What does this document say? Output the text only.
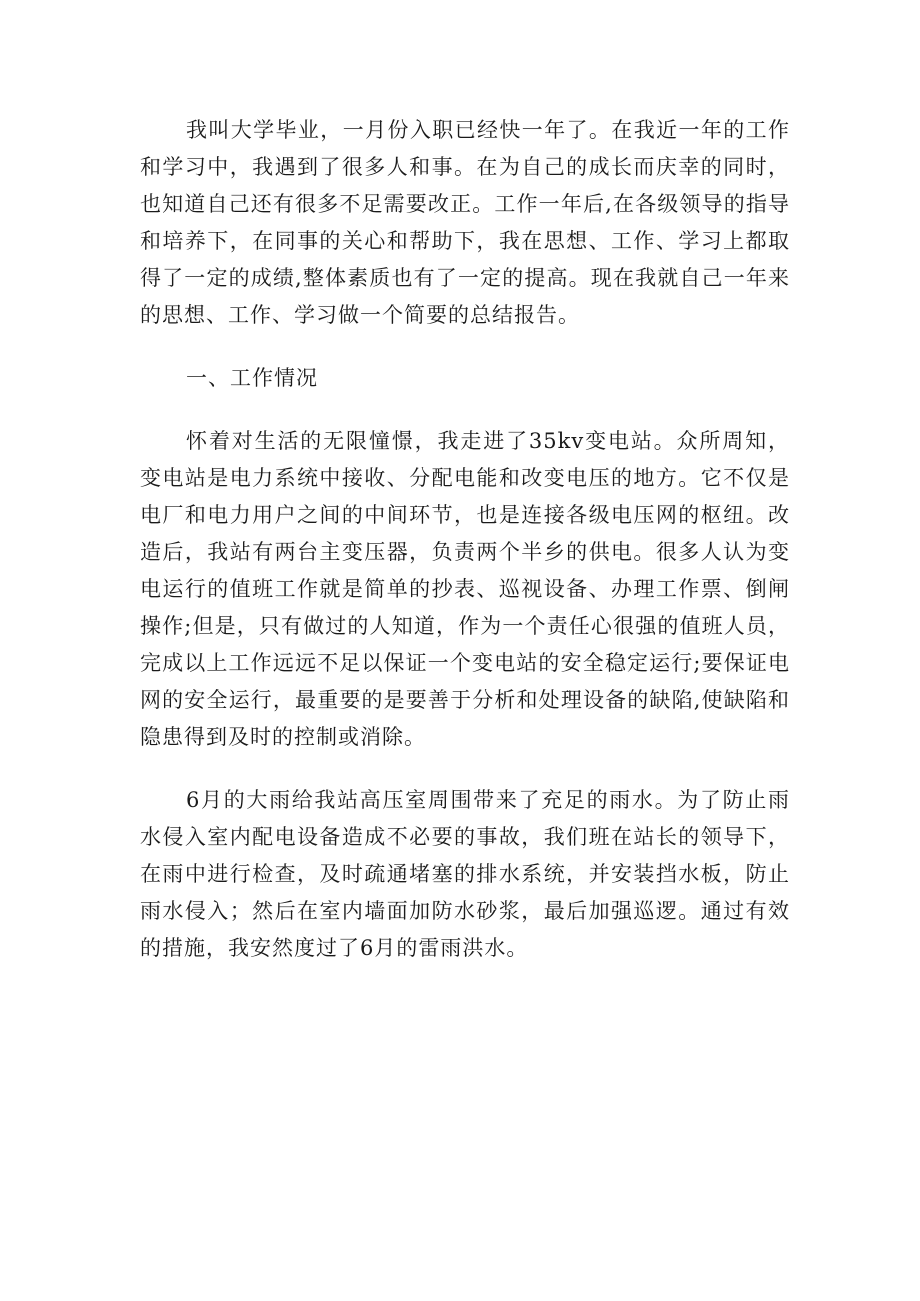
我叫大学毕业，一月份入职已经快一年了。在我近一年的工作和学习中，我遇到了很多人和事。在为自己的成长而庆幸的同时，也知道自己还有很多不足需要改正。工作一年后,在各级领导的指导和培养下，在同事的关心和帮助下，我在思想、工作、学习上都取得了一定的成绩,整体素质也有了一定的提高。现在我就自己一年来的思想、工作、学习做一个简要的总结报告。

一、工作情况

怀着对生活的无限憧憬，我走进了35kv变电站。众所周知，变电站是电力系统中接收、分配电能和改变电压的地方。它不仅是电厂和电力用户之间的中间环节，也是连接各级电压网的枢纽。改造后，我站有两台主变压器，负责两个半乡的供电。很多人认为变电运行的值班工作就是简单的抄表、巡视设备、办理工作票、倒闸操作;但是，只有做过的人知道，作为一个责任心很强的值班人员，完成以上工作远远不足以保证一个变电站的安全稳定运行;要保证电网的安全运行，最重要的是要善于分析和处理设备的缺陷,使缺陷和隐患得到及时的控制或消除。

6月的大雨给我站高压室周围带来了充足的雨水。为了防止雨水侵入室内配电设备造成不必要的事故，我们班在站长的领导下，在雨中进行检查，及时疏通堵塞的排水系统，并安装挡水板，防止雨水侵入；然后在室内墙面加防水砂浆，最后加强巡逻。通过有效的措施，我安然度过了6月的雷雨洪水。
